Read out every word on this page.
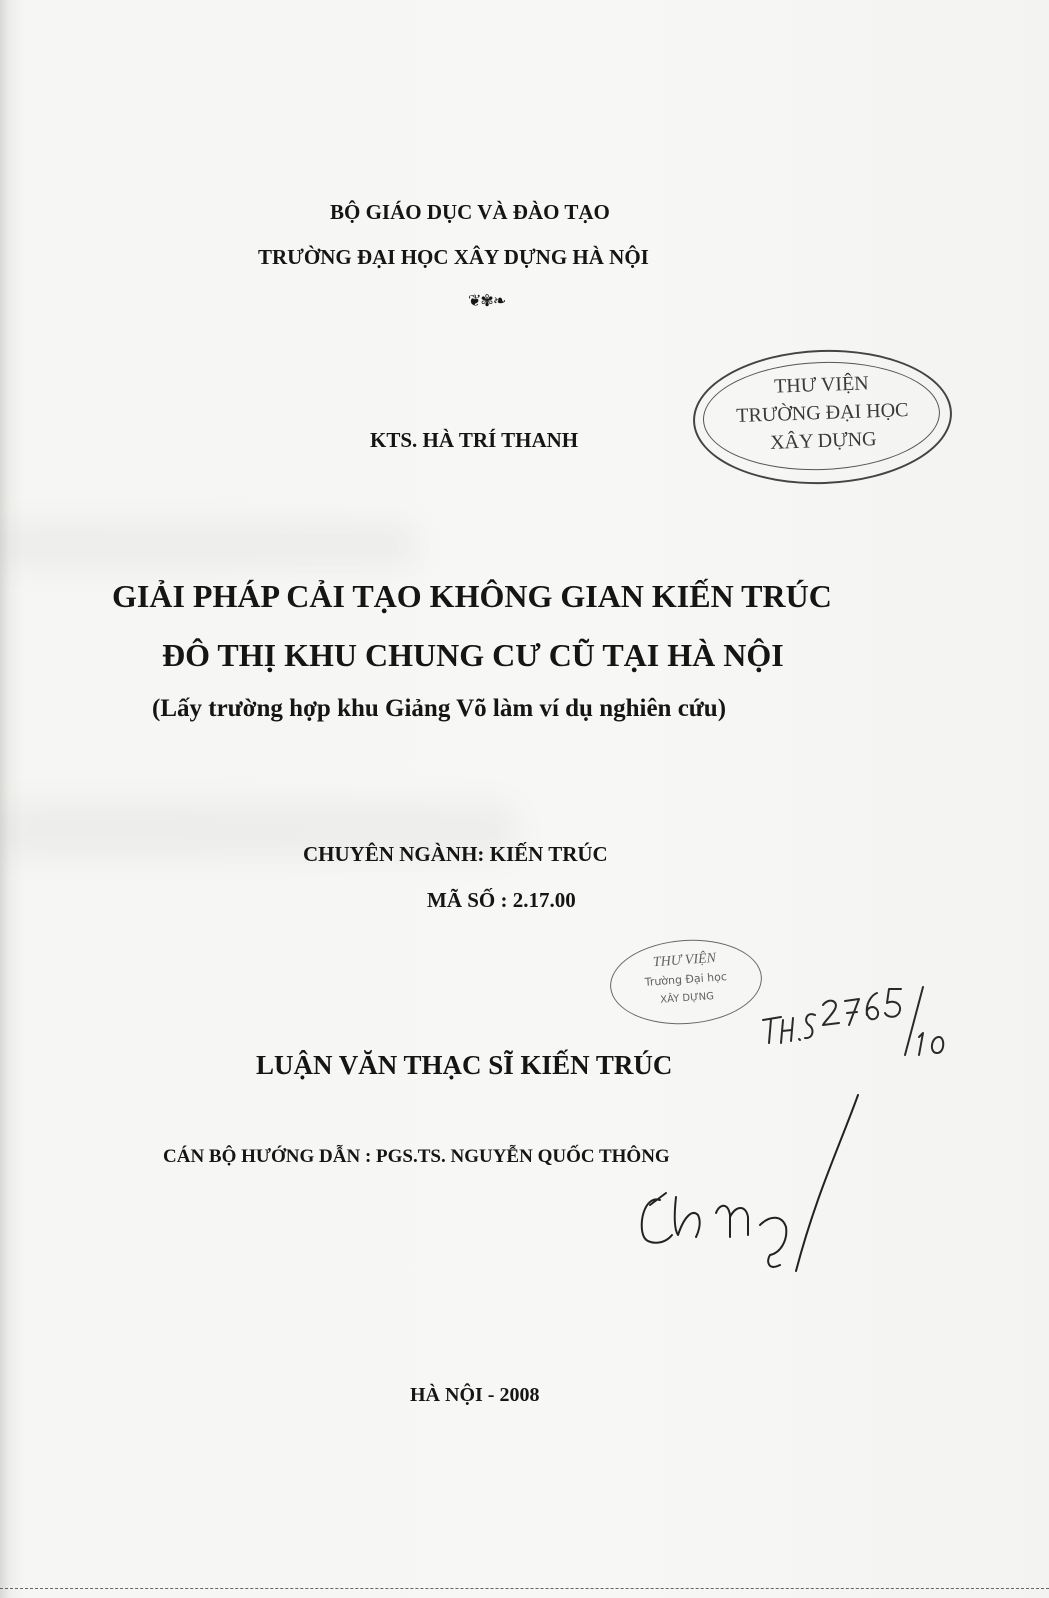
BỘ GIÁO DỤC VÀ ĐÀO TẠO
TRƯỜNG ĐẠI HỌC XÂY DỰNG HÀ NỘI
❦✾❧
KTS. HÀ TRÍ THANH
THƯ VIỆN
TRƯỜNG ĐẠI HỌC
XÂY DỰNG
GIẢI PHÁP CẢI TẠO KHÔNG GIAN KIẾN TRÚC
ĐÔ THỊ KHU CHUNG CƯ CŨ TẠI HÀ NỘI
(Lấy trường hợp khu Giảng Võ làm ví dụ nghiên cứu)
CHUYÊN NGÀNH: KIẾN TRÚC
MÃ SỐ : 2.17.00
THƯ VIỆN
Trường Đại học
XÂY DỰNG
LUẬN VĂN THẠC SĨ KIẾN TRÚC
CÁN BỘ HƯỚNG DẪN : PGS.TS. NGUYỄN QUỐC THÔNG
HÀ NỘI - 2008
